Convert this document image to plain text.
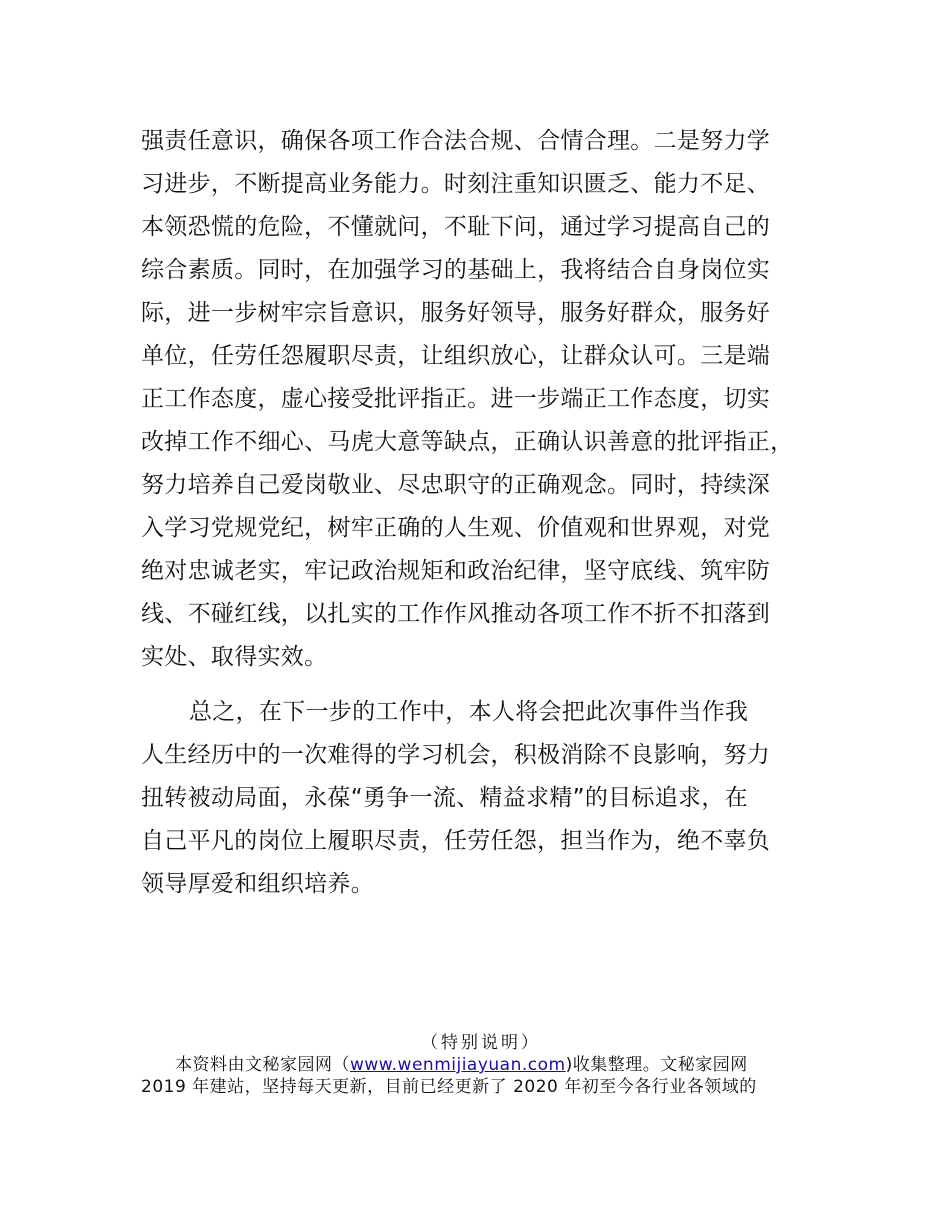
强责任意识，确保各项工作合法合规、合情合理。二是努力学
习进步，不断提高业务能力。时刻注重知识匮乏、能力不足、
本领恐慌的危险，不懂就问，不耻下问，通过学习提高自己的
综合素质。同时，在加强学习的基础上，我将结合自身岗位实
际，进一步树牢宗旨意识，服务好领导，服务好群众，服务好
单位，任劳任怨履职尽责，让组织放心，让群众认可。三是端
正工作态度，虚心接受批评指正。进一步端正工作态度，切实
改掉工作不细心、马虎大意等缺点，正确认识善意的批评指正，
努力培养自己爱岗敬业、尽忠职守的正确观念。同时，持续深
入学习党规党纪，树牢正确的人生观、价值观和世界观，对党
绝对忠诚老实，牢记政治规矩和政治纪律，坚守底线、筑牢防
线、不碰红线，以扎实的工作作风推动各项工作不折不扣落到
实处、取得实效。
总之，在下一步的工作中，本人将会把此次事件当作我
人生经历中的一次难得的学习机会，积极消除不良影响，努力
扭转被动局面，永葆“勇争一流、精益求精”的目标追求，在
自己平凡的岗位上履职尽责，任劳任怨，担当作为，绝不辜负
领导厚爱和组织培养。
（特别说明）
本资料由文秘家园网（www.wenmijiayuan.com)收集整理。文秘家园网
2019 年建站，坚持每天更新，目前已经更新了 2020 年初至今各行业各领域的
